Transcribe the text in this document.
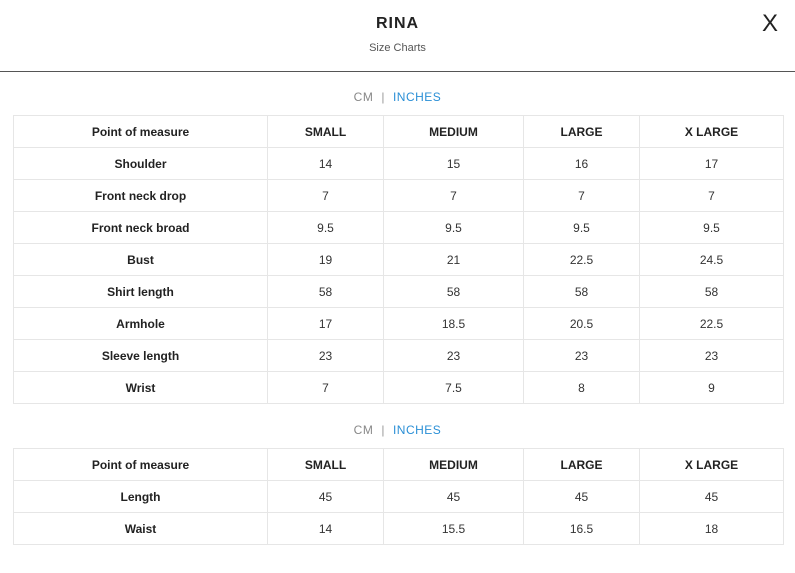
RINA
Size Charts
X
CM | INCHES
Point of measure	SMALL	MEDIUM	LARGE	X LARGE
Shoulder	14	15	16	17
Front neck drop	7	7	7	7
Front neck broad	9.5	9.5	9.5	9.5
Bust	19	21	22.5	24.5
Shirt length	58	58	58	58
Armhole	17	18.5	20.5	22.5
Sleeve length	23	23	23	23
Wrist	7	7.5	8	9
CM | INCHES
Point of measure	SMALL	MEDIUM	LARGE	X LARGE
Length	45	45	45	45
Waist	14	15.5	16.5	18
